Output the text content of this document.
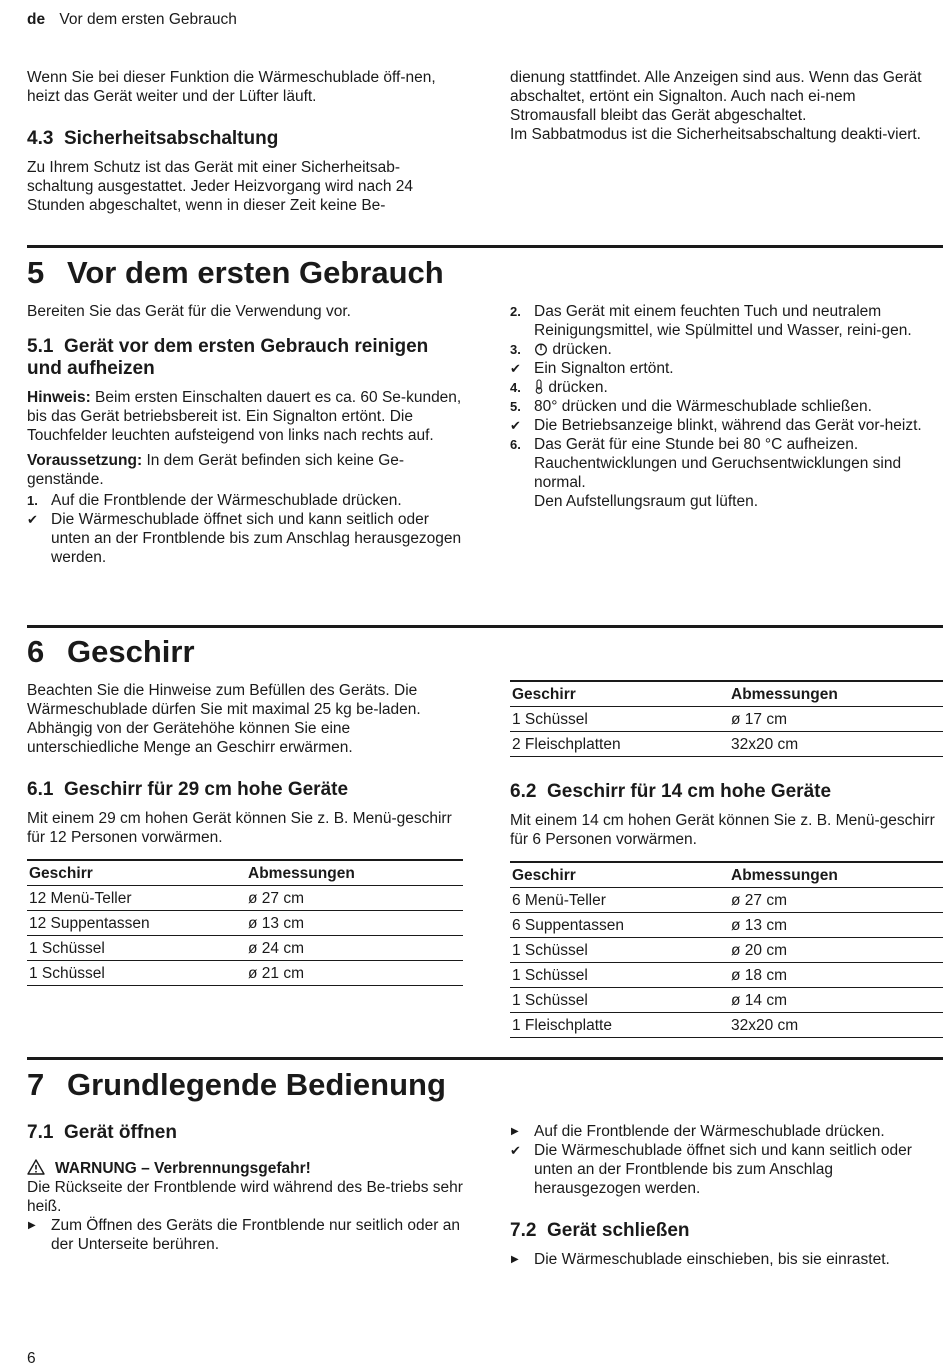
de Vor dem ersten Gebrauch

Wenn Sie bei dieser Funktion die Wärmeschublade öff-nen, heizt das Gerät weiter und der Lüfter läuft.

4.3 Sicherheitsabschaltung

Zu Ihrem Schutz ist das Gerät mit einer Sicherheitsab-schaltung ausgestattet. Jeder Heizvorgang wird nach 24 Stunden abgeschaltet, wenn in dieser Zeit keine Be-

dienung stattfindet. Alle Anzeigen sind aus. Wenn das Gerät abschaltet, ertönt ein Signalton. Auch nach ei-nem Stromausfall bleibt das Gerät abgeschaltet.

Im Sabbatmodus ist die Sicherheitsabschaltung deakti-viert.

5 Vor dem ersten Gebrauch

Bereiten Sie das Gerät für die Verwendung vor.

5.1 Gerät vor dem ersten Gebrauch reinigen und aufheizen

Hinweis: Beim ersten Einschalten dauert es ca. 60 Se-kunden, bis das Gerät betriebsbereit ist. Ein Signalton ertönt. Die Touchfelder leuchten aufsteigend von links nach rechts auf.

Voraussetzung: In dem Gerät befinden sich keine Ge-genstände.

1. Auf die Frontblende der Wärmeschublade drücken.
✔ Die Wärmeschublade öffnet sich und kann seitlich oder unten an der Frontblende bis zum Anschlag herausgezogen werden.
2. Das Gerät mit einem feuchten Tuch und neutralem Reinigungsmittel, wie Spülmittel und Wasser, reini-gen.
3. drücken.
✔ Ein Signalton ertönt.
4. drücken.
5. 80° drücken und die Wärmeschublade schließen.
✔ Die Betriebsanzeige blinkt, während das Gerät vor-heizt.
6. Das Gerät für eine Stunde bei 80 °C aufheizen.
Rauchentwicklungen und Geruchsentwicklungen sind normal.
Den Aufstellungsraum gut lüften.
6 Geschirr

Beachten Sie die Hinweise zum Befüllen des Geräts. Die Wärmeschublade dürfen Sie mit maximal 25 kg be-laden. Abhängig von der Gerätehöhe können Sie eine unterschiedliche Menge an Geschirr erwärmen.

6.1 Geschirr für 29 cm hohe Geräte

Mit einem 29 cm hohen Gerät können Sie z. B. Menü-geschirr für 12 Personen vorwärmen.

Geschirr	Abmessungen
12 Menü-Teller	ø 27 cm
12 Suppentassen	ø 13 cm
1 Schüssel	ø 24 cm
1 Schüssel	ø 21 cm
Geschirr	Abmessungen
1 Schüssel	ø 17 cm
2 Fleischplatten	32x20 cm
6.2 Geschirr für 14 cm hohe Geräte

Mit einem 14 cm hohen Gerät können Sie z. B. Menü-geschirr für 6 Personen vorwärmen.

Geschirr	Abmessungen
6 Menü-Teller	ø 27 cm
6 Suppentassen	ø 13 cm
1 Schüssel	ø 20 cm
1 Schüssel	ø 18 cm
1 Schüssel	ø 14 cm
1 Fleischplatte	32x20 cm
7 Grundlegende Bedienung
7.1 Gerät öffnen
WARNUNG – Verbrennungsgefahr!

Die Rückseite der Frontblende wird während des Be-triebs sehr heiß.

▶ Zum Öffnen des Geräts die Frontblende nur seitlich oder an der Unterseite berühren.
▶ Auf die Frontblende der Wärmeschublade drücken.
✔ Die Wärmeschublade öffnet sich und kann seitlich oder unten an der Frontblende bis zum Anschlag herausgezogen werden.
7.2 Gerät schließen
▶ Die Wärmeschublade einschieben, bis sie einrastet.
6
